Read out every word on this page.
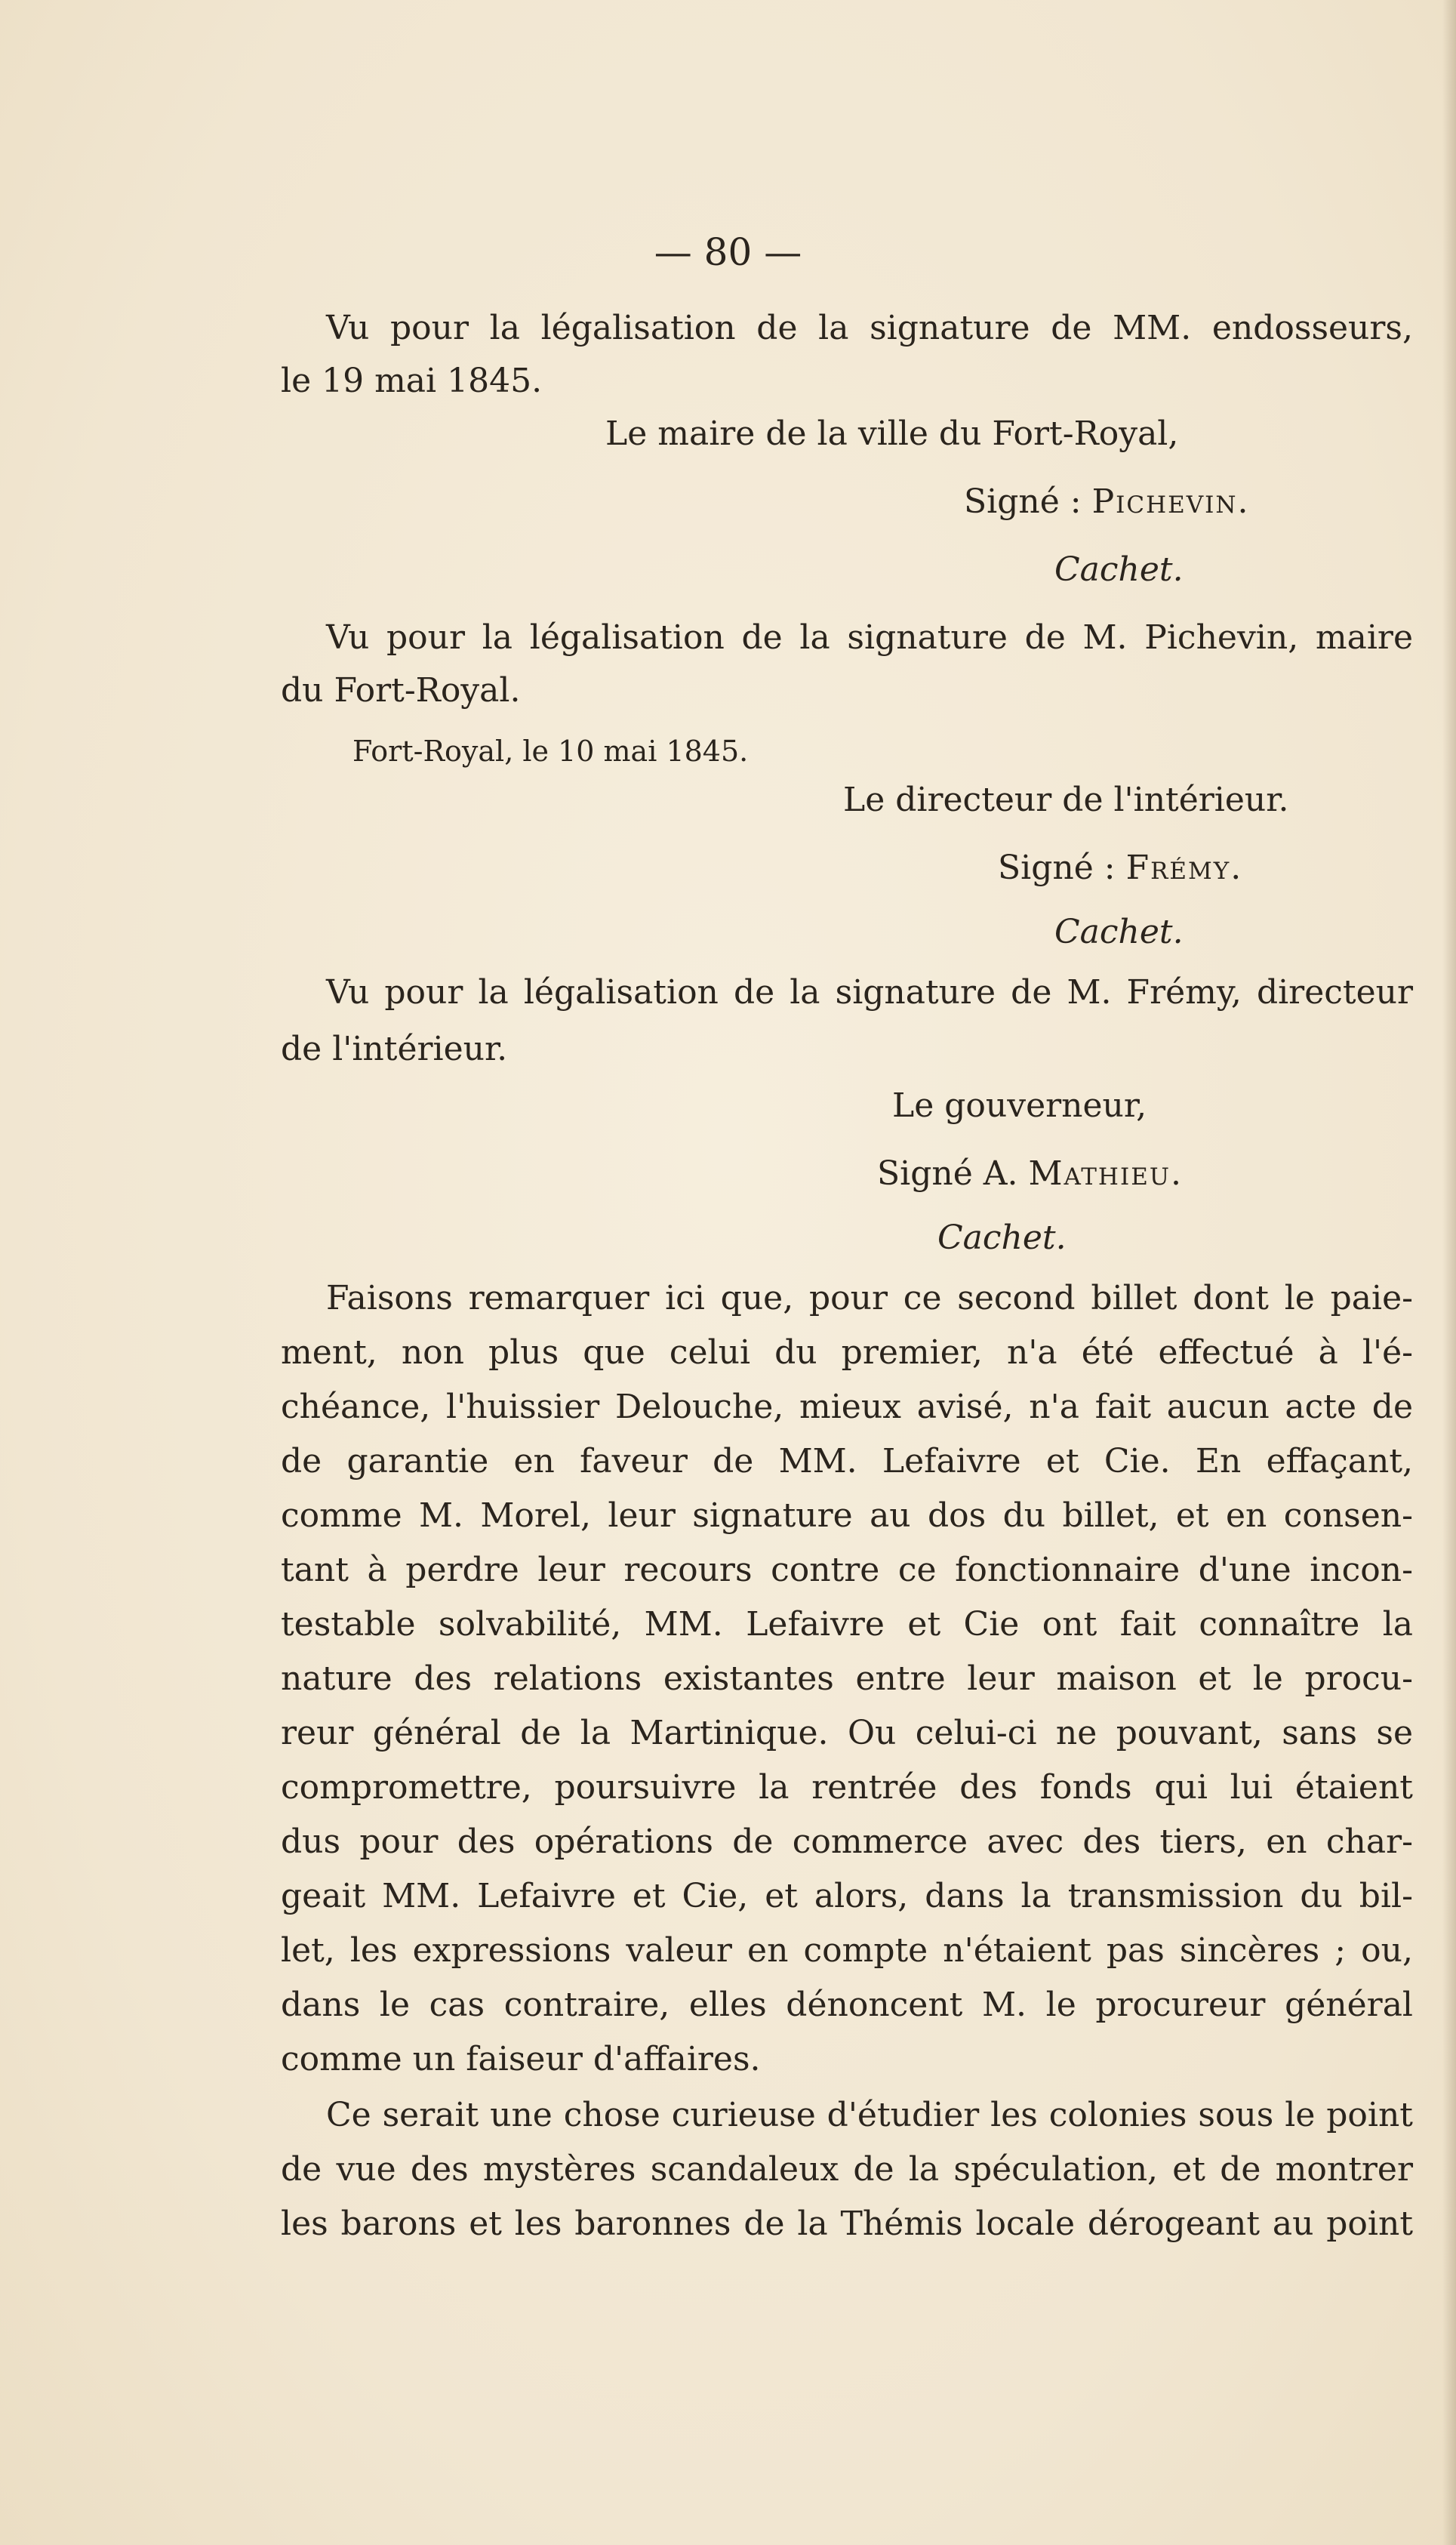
— 80 —
Vu pour la légalisation de la signature de MM. endosseurs,
le 19 mai 1845.
Le maire de la ville du Fort-Royal,
Signé : Pichevin.
Cachet.
Vu pour la légalisation de la signature de M. Pichevin, maire
du Fort-Royal.
Fort-Royal, le 10 mai 1845.
Le directeur de l'intérieur.
Signé : Frémy.
Cachet.
Vu pour la légalisation de la signature de M. Frémy, directeur
de l'intérieur.
Le gouverneur,
Signé A. Mathieu.
Cachet.
Faisons remarquer ici que, pour ce second billet dont le paie-
ment, non plus que celui du premier, n'a été effectué à l'é-
chéance, l'huissier Delouche, mieux avisé, n'a fait aucun acte de
de garantie en faveur de MM. Lefaivre et Cie. En effaçant,
comme M. Morel, leur signature au dos du billet, et en consen-
tant à perdre leur recours contre ce fonctionnaire d'une incon-
testable solvabilité, MM. Lefaivre et Cie ont fait connaître la
nature des relations existantes entre leur maison et le procu-
reur général de la Martinique. Ou celui-ci ne pouvant, sans se
compromettre, poursuivre la rentrée des fonds qui lui étaient
dus pour des opérations de commerce avec des tiers, en char-
geait MM. Lefaivre et Cie, et alors, dans la transmission du bil-
let, les expressions valeur en compte n'étaient pas sincères ; ou,
dans le cas contraire, elles dénoncent M. le procureur général
comme un faiseur d'affaires.
Ce serait une chose curieuse d'étudier les colonies sous le point
de vue des mystères scandaleux de la spéculation, et de montrer
les barons et les baronnes de la Thémis locale dérogeant au point
